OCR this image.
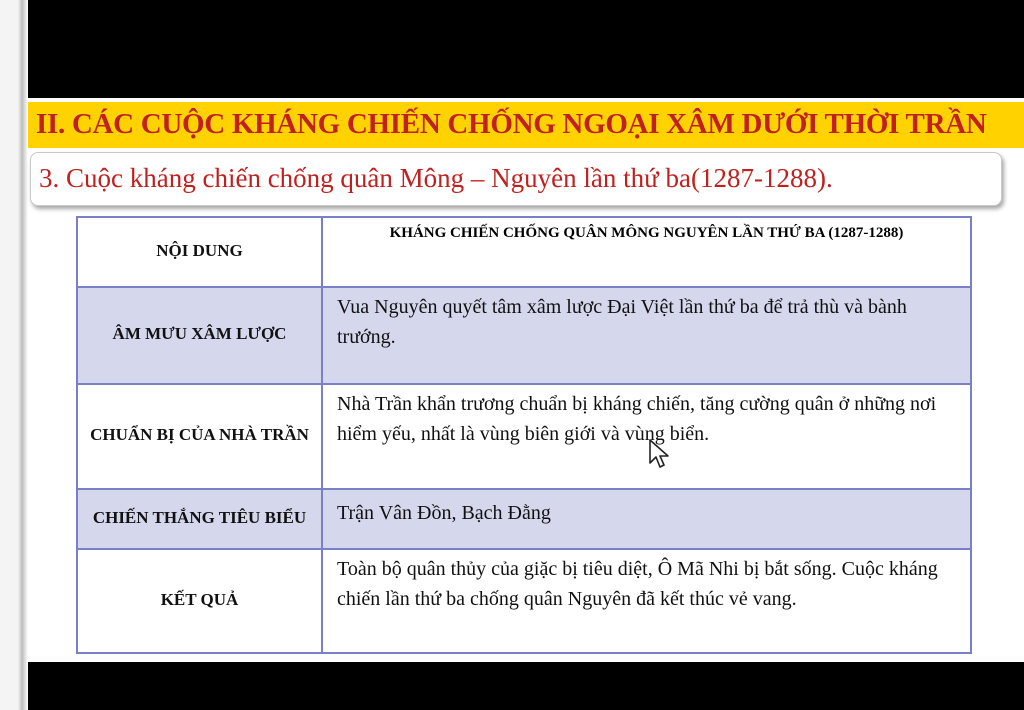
II. CÁC CUỘC KHÁNG CHIẾN CHỐNG NGOẠI XÂM DƯỚI THỜI TRẦN
3. Cuộc kháng chiến chống quân Mông – Nguyên lần thứ ba(1287-1288).
NỘI DUNG	KHÁNG CHIẾN CHỐNG QUÂN MÔNG NGUYÊN LẦN THỨ BA (1287-1288)

ÂM MƯU XÂM LƯỢC	Vua Nguyên quyết tâm xâm lược Đại Việt lần thứ ba để trả thù và bành trướng.

CHUẨN BỊ CỦA NHÀ TRẦN	Nhà Trần khẩn trương chuẩn bị kháng chiến, tăng cường quân ở những nơi hiểm yếu, nhất là vùng biên giới và vùng biển.

CHIẾN THẮNG TIÊU BIỂU	Trận Vân Đồn, Bạch Đằng

KẾT QUẢ	Toàn bộ quân thủy của giặc bị tiêu diệt, Ô Mã Nhi bị bắt sống. Cuộc kháng chiến lần thứ ba chống quân Nguyên đã kết thúc vẻ vang.
